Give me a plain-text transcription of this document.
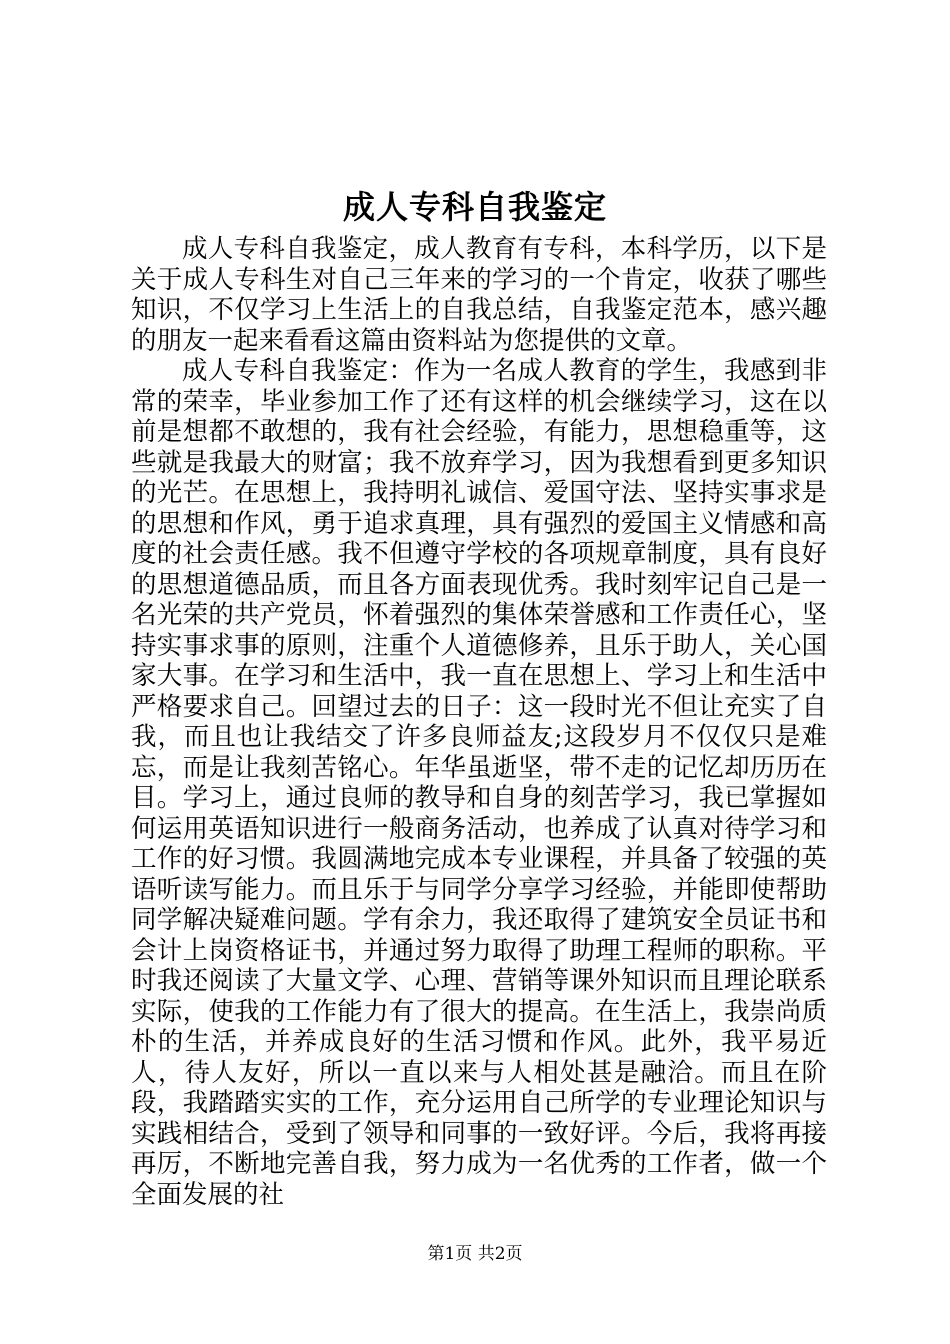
成人专科自我鉴定

成人专科自我鉴定，成人教育有专科，本科学历，以下是关于成人专科生对自己三年来的学习的一个肯定，收获了哪些知识，不仅学习上生活上的自我总结，自我鉴定范本，感兴趣的朋友一起来看看这篇由资料站为您提供的文章。

成人专科自我鉴定：作为一名成人教育的学生，我感到非常的荣幸，毕业参加工作了还有这样的机会继续学习，这在以前是想都不敢想的，我有社会经验，有能力，思想稳重等，这些就是我最大的财富；我不放弃学习，因为我想看到更多知识的光芒。在思想上，我持明礼诚信、爱国守法、坚持实事求是的思想和作风，勇于追求真理，具有强烈的爱国主义情感和高度的社会责任感。我不但遵守学校的各项规章制度，具有良好的思想道德品质，而且各方面表现优秀。我时刻牢记自己是一名光荣的共产党员，怀着强烈的集体荣誉感和工作责任心，坚持实事求事的原则，注重个人道德修养，且乐于助人，关心国家大事。在学习和生活中，我一直在思想上、学习上和生活中严格要求自己。回望过去的日子：这一段时光不但让充实了自我，而且也让我结交了许多良师益友;这段岁月不仅仅只是难忘，而是让我刻苦铭心。年华虽逝坚，带不走的记忆却历历在目。学习上，通过良师的教导和自身的刻苦学习，我已掌握如何运用英语知识进行一般商务活动，也养成了认真对待学习和工作的好习惯。我圆满地完成本专业课程，并具备了较强的英语听读写能力。而且乐于与同学分享学习经验，并能即使帮助同学解决疑难问题。学有余力，我还取得了建筑安全员证书和会计上岗资格证书，并通过努力取得了助理工程师的职称。平时我还阅读了大量文学、心理、营销等课外知识而且理论联系实际，使我的工作能力有了很大的提高。在生活上，我崇尚质朴的生活，并养成良好的生活习惯和作风。此外，我平易近人，待人友好，所以一直以来与人相处甚是融洽。而且在阶段，我踏踏实实的工作，充分运用自己所学的专业理论知识与实践相结合，受到了领导和同事的一致好评。今后，我将再接再厉，不断地完善自我，努力成为一名优秀的工作者，做一个全面发展的社

第1页 共2页
